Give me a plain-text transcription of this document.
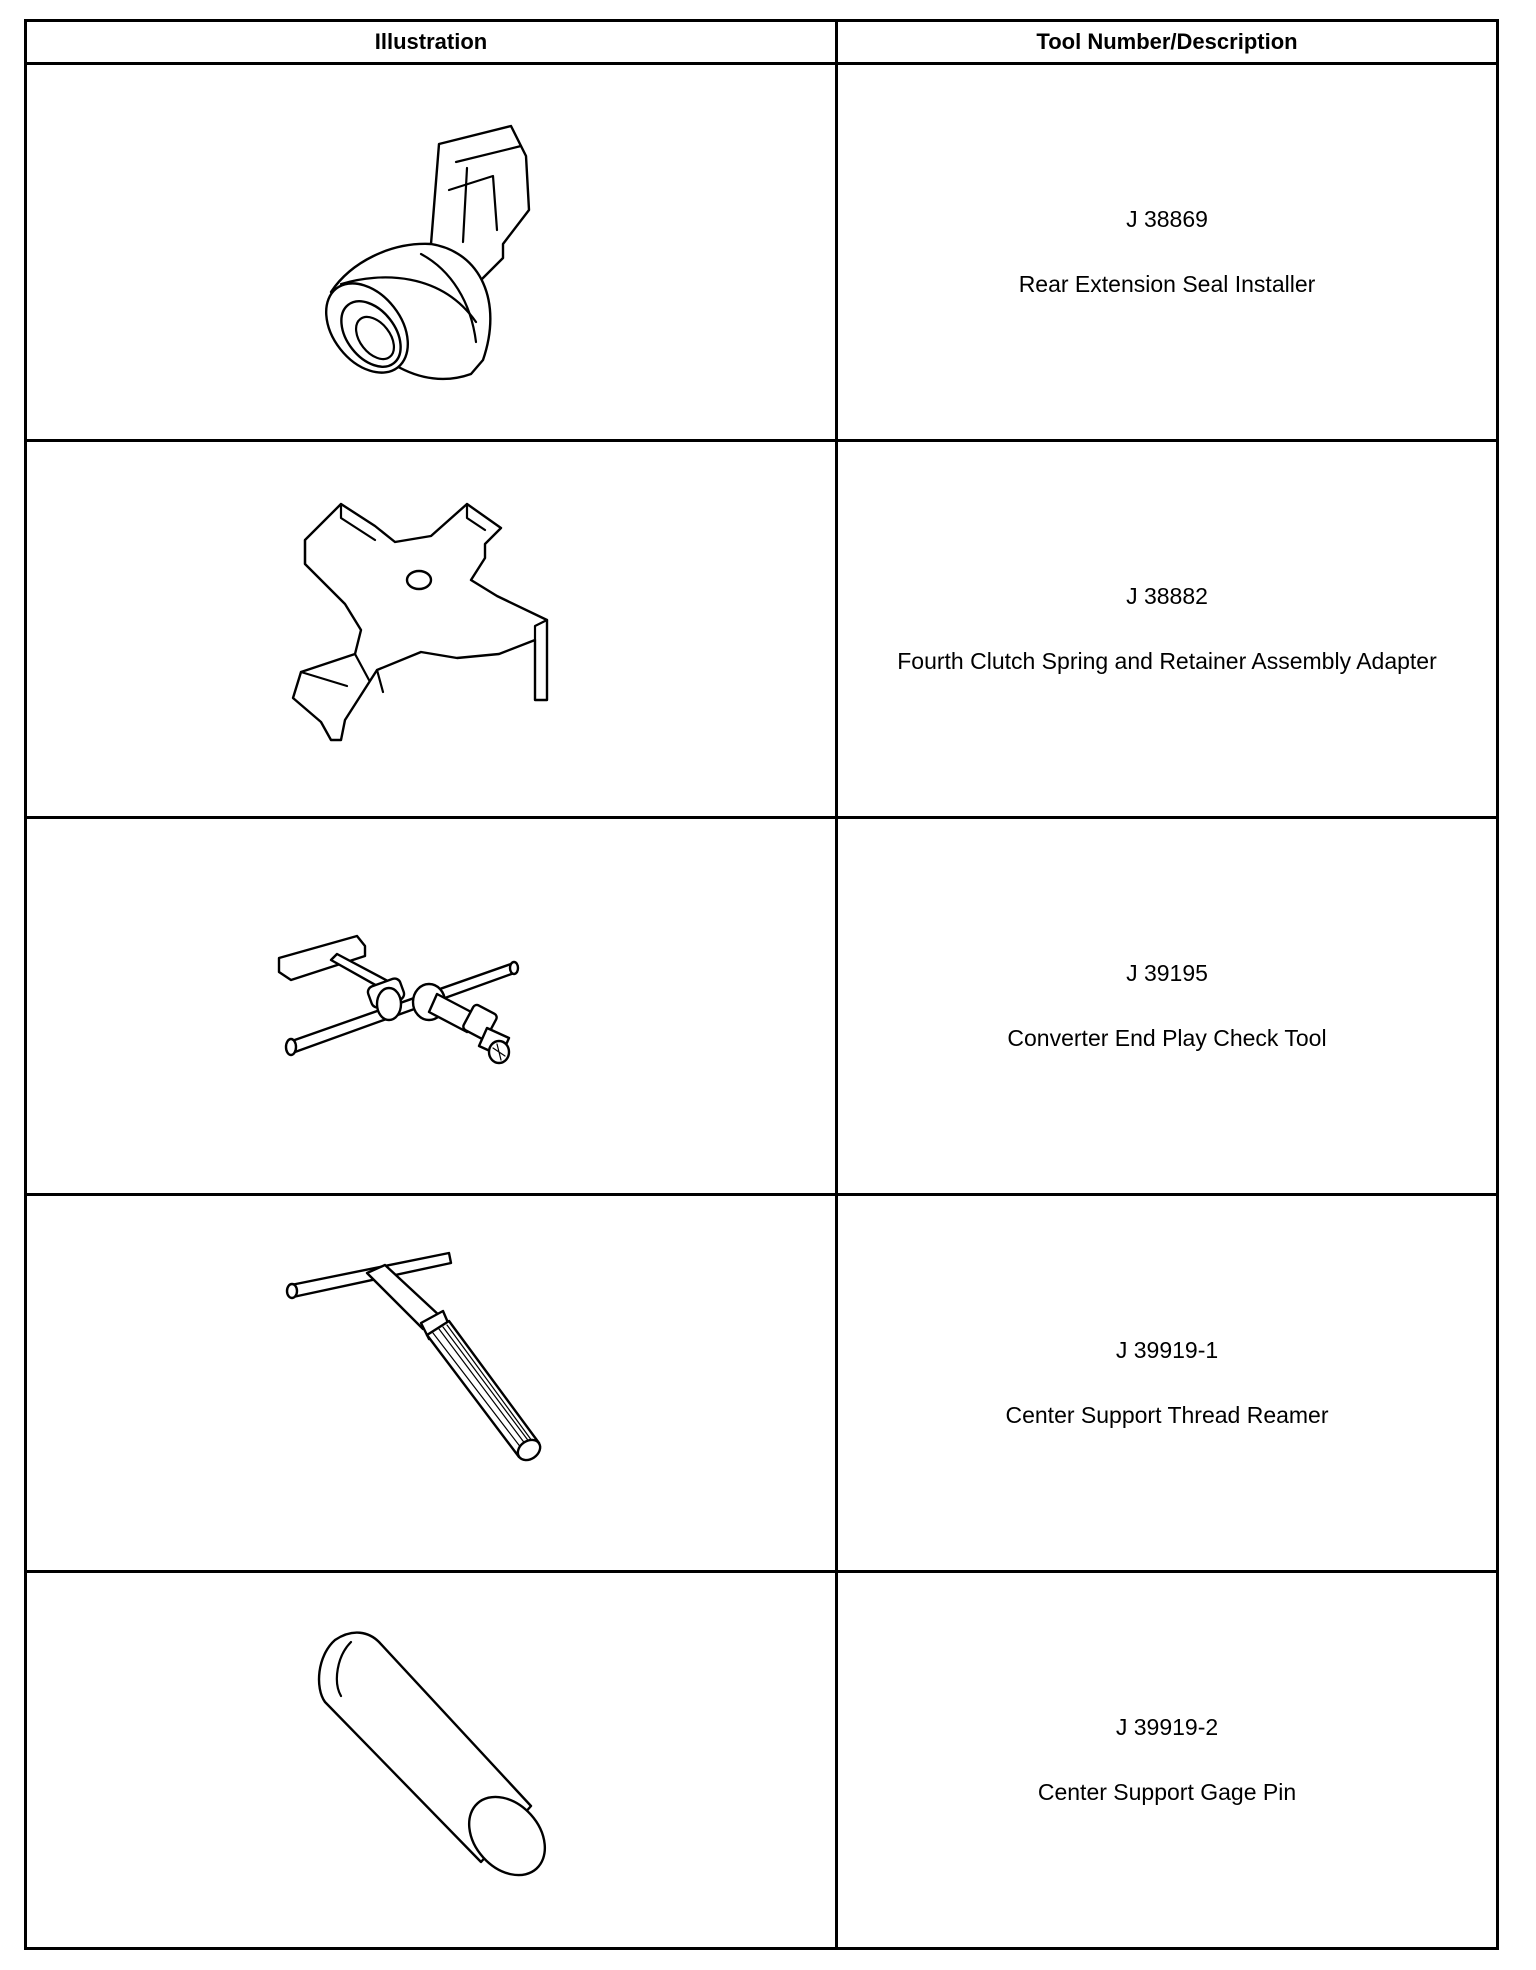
Illustration	Tool Number/Description

J 38869
Rear Extension Seal Installer

J 38882
Fourth Clutch Spring and Retainer Assembly Adapter

J 39195
Converter End Play Check Tool

J 39919-1
Center Support Thread Reamer

J 39919-2
Center Support Gage Pin
